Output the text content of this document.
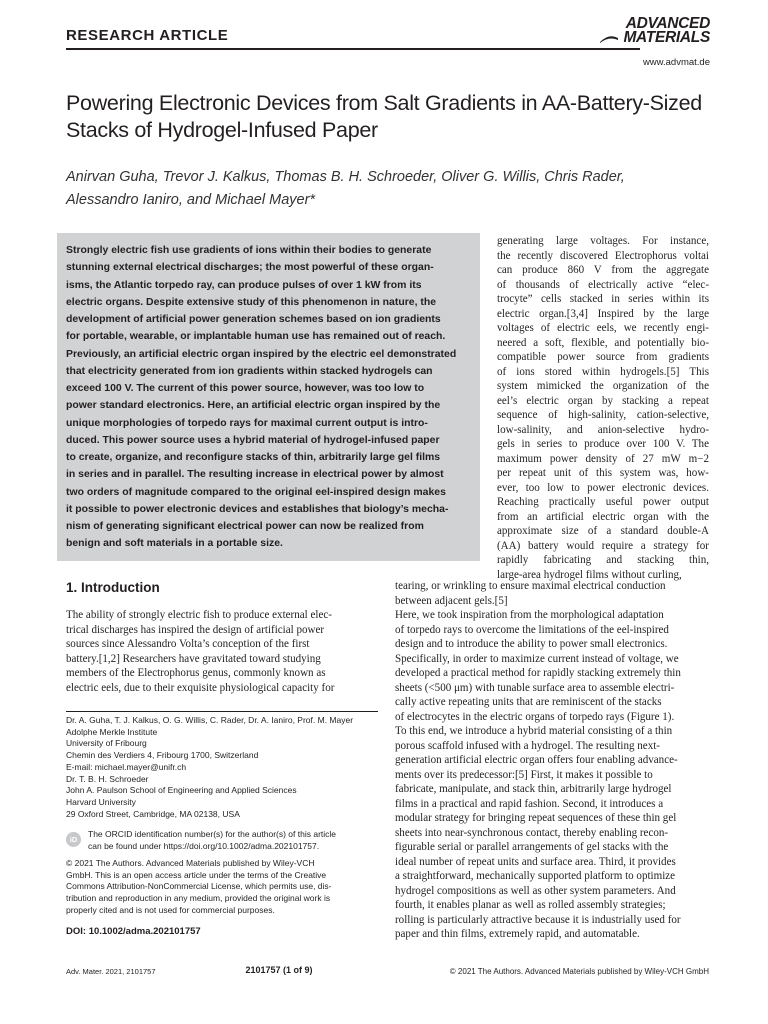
RESEARCH ARTICLE
ADVANCED MATERIALS
www.advmat.de
Powering Electronic Devices from Salt Gradients in AA-Battery-Sized Stacks of Hydrogel-Infused Paper
Anirvan Guha, Trevor J. Kalkus, Thomas B. H. Schroeder, Oliver G. Willis, Chris Rader, Alessandro Ianiro, and Michael Mayer*
Strongly electric fish use gradients of ions within their bodies to generate
stunning external electrical discharges; the most powerful of these organ-
isms, the Atlantic torpedo ray, can produce pulses of over 1 kW from its
electric organs. Despite extensive study of this phenomenon in nature, the
development of artificial power generation schemes based on ion gradients
for portable, wearable, or implantable human use has remained out of reach.
Previously, an artificial electric organ inspired by the electric eel demonstrated
that electricity generated from ion gradients within stacked hydrogels can
exceed 100 V. The current of this power source, however, was too low to
power standard electronics. Here, an artificial electric organ inspired by the
unique morphologies of torpedo rays for maximal current output is intro-
duced. This power source uses a hybrid material of hydrogel-infused paper
to create, organize, and reconfigure stacks of thin, arbitrarily large gel films
in series and in parallel. The resulting increase in electrical power by almost
two orders of magnitude compared to the original eel-inspired design makes
it possible to power electronic devices and establishes that biology’s mecha-
nism of generating significant electrical power can now be realized from
benign and soft materials in a portable size.
generating large voltages. For instance,
the recently discovered Electrophorus voltai
can produce 860 V from the aggregate
of thousands of electrically active “elec-
trocyte” cells stacked in series within its
electric organ.[3,4] Inspired by the large
voltages of electric eels, we recently engi-
neered a soft, flexible, and potentially bio-
compatible power source from gradients
of ions stored within hydrogels.[5] This
system mimicked the organization of the
eel’s electric organ by stacking a repeat
sequence of high-salinity, cation-selective,
low-salinity, and anion-selective hydro-
gels in series to produce over 100 V. The
maximum power density of 27 mW m−2
per repeat unit of this system was, how-
ever, too low to power electronic devices.
Reaching practically useful power output
from an artificial electric organ with the
approximate size of a standard double-A
(AA) battery would require a strategy for
rapidly fabricating and stacking thin,
large-area hydrogel films without curling,
1. Introduction
The ability of strongly electric fish to produce external elec-
trical discharges has inspired the design of artificial power
sources since Alessandro Volta’s conception of the first
battery.[1,2] Researchers have gravitated toward studying
members of the Electrophorus genus, commonly known as
electric eels, due to their exquisite physiological capacity for
tearing, or wrinkling to ensure maximal electrical conduction
between adjacent gels.[5]
Here, we took inspiration from the morphological adaptation
of torpedo rays to overcome the limitations of the eel-inspired
design and to introduce the ability to power small electronics.
Specifically, in order to maximize current instead of voltage, we
developed a practical method for rapidly stacking extremely thin
sheets (<500 μm) with tunable surface area to assemble electri-
cally active repeating units that are reminiscent of the stacks
of electrocytes in the electric organs of torpedo rays (Figure 1).
To this end, we introduce a hybrid material consisting of a thin
porous scaffold infused with a hydrogel. The resulting next-
generation artificial electric organ offers four enabling advance-
ments over its predecessor:[5] First, it makes it possible to
fabricate, manipulate, and stack thin, arbitrarily large hydrogel
films in a practical and rapid fashion. Second, it introduces a
modular strategy for bringing repeat sequences of these thin gel
sheets into near-synchronous contact, thereby enabling recon-
figurable serial or parallel arrangements of gel stacks with the
ideal number of repeat units and surface area. Third, it provides
a straightforward, mechanically supported platform to optimize
hydrogel compositions as well as other system parameters. And
fourth, it enables planar as well as rolled assembly strategies;
rolling is particularly attractive because it is industrially used for
paper and thin films, extremely rapid, and automatable.
Dr. A. Guha, T. J. Kalkus, O. G. Willis, C. Rader, Dr. A. Ianiro, Prof. M. Mayer
Adolphe Merkle Institute
University of Fribourg
Chemin des Verdiers 4, Fribourg 1700, Switzerland
E-mail: michael.mayer@unifr.ch
Dr. T. B. H. Schroeder
John A. Paulson School of Engineering and Applied Sciences
Harvard University
29 Oxford Street, Cambridge, MA 02138, USA
iD
The ORCID identification number(s) for the author(s) of this article
can be found under https://doi.org/10.1002/adma.202101757.
© 2021 The Authors. Advanced Materials published by Wiley-VCH
GmbH. This is an open access article under the terms of the Creative
Commons Attribution-NonCommercial License, which permits use, dis-
tribution and reproduction in any medium, provided the original work is
properly cited and is not used for commercial purposes.
DOI: 10.1002/adma.202101757
Adv. Mater. 2021, 2101757	2101757 (1 of 9)	© 2021 The Authors. Advanced Materials published by Wiley-VCH GmbH
